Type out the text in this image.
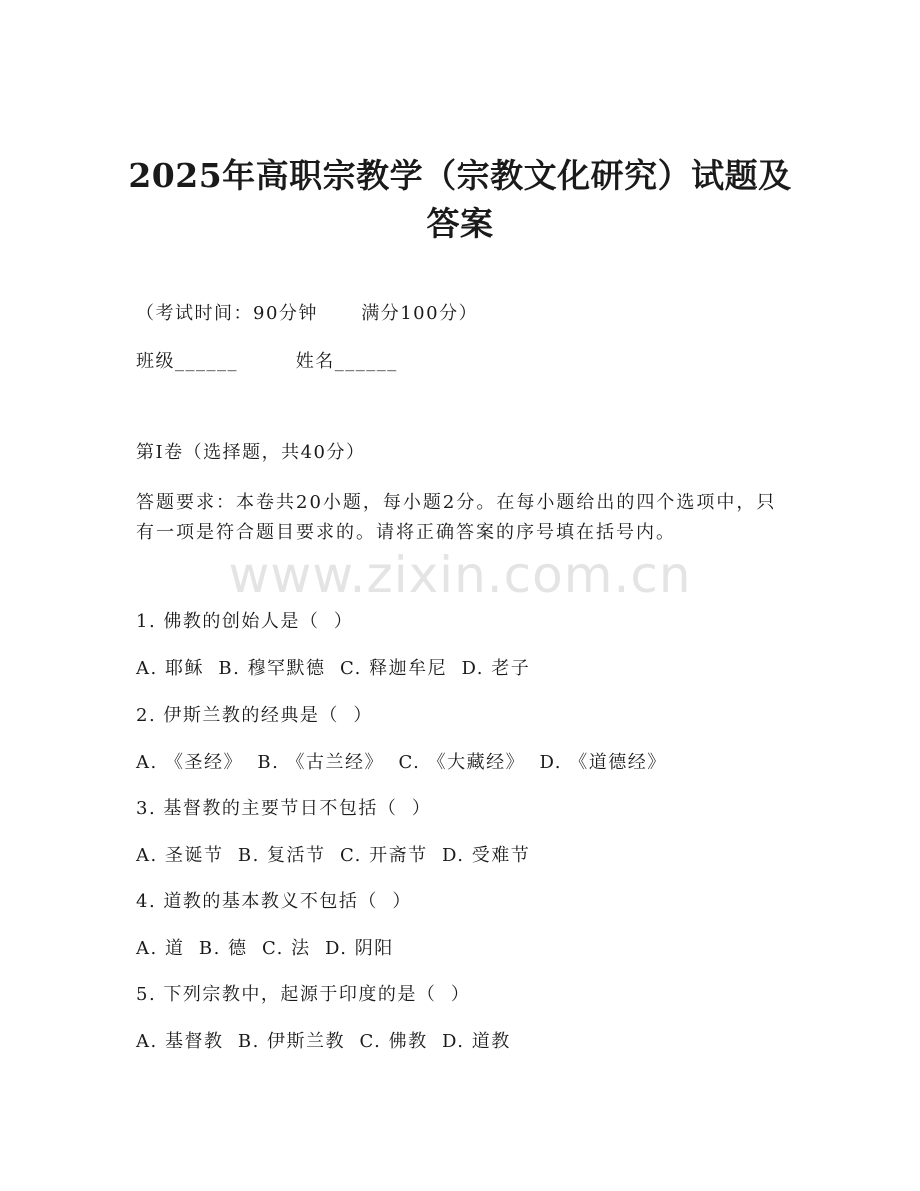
2025年高职宗教学（宗教文化研究）试题及
答案
（考试时间：90分钟      满分100分）
班级______        姓名______
第I卷（选择题，共40分）
答题要求：本卷共20小题，每小题2分。在每小题给出的四个选项中，只有一项是符合题目要求的。请将正确答案的序号填在括号内。
www.zixin.com.cn
1. 佛教的创始人是（  ）
A. 耶稣  B. 穆罕默德  C. 释迦牟尼  D. 老子
2. 伊斯兰教的经典是（  ）
A. 《圣经》  B. 《古兰经》  C. 《大藏经》  D. 《道德经》
3. 基督教的主要节日不包括（  ）
A. 圣诞节  B. 复活节  C. 开斋节  D. 受难节
4. 道教的基本教义不包括（  ）
A. 道  B. 德  C. 法  D. 阴阳
5. 下列宗教中，起源于印度的是（  ）
A. 基督教  B. 伊斯兰教  C. 佛教  D. 道教
